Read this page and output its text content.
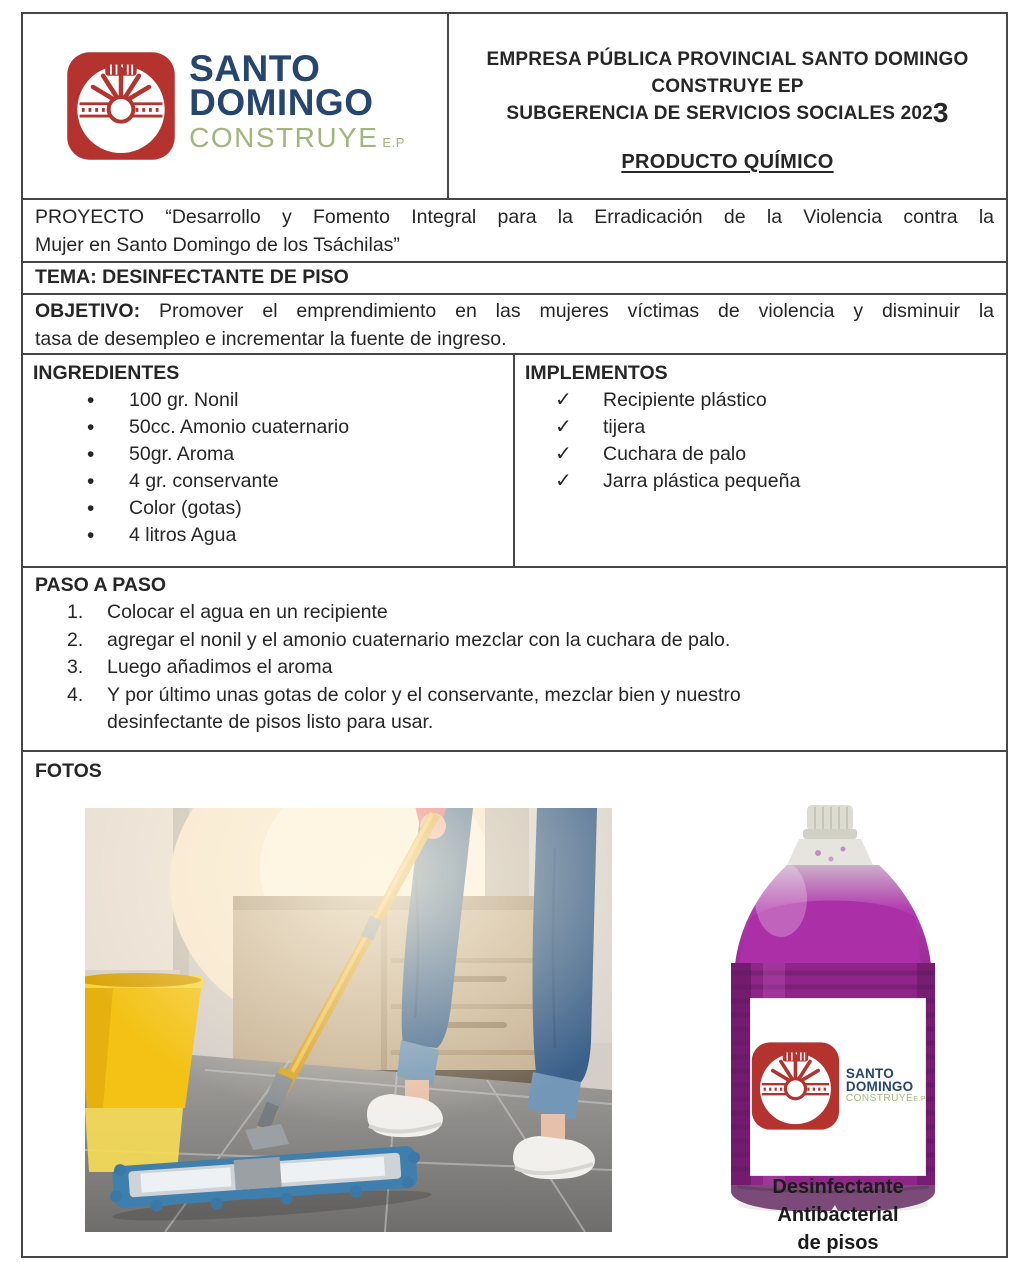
SANTO
DOMINGO
CONSTRUYE E.P
EMPRESA PÚBLICA PROVINCIAL SANTO DOMINGO
CONSTRUYE EP
SUBGERENCIA DE SERVICIOS SOCIALES 2023
PRODUCTO QUÍMICO
PROYECTO “Desarrollo y Fomento Integral para la Erradicación de la Violencia contra la
Mujer en Santo Domingo de los Tsáchilas”
TEMA: DESINFECTANTE DE PISO
OBJETIVO: Promover el emprendimiento en las mujeres víctimas de violencia y disminuir la
tasa de desempleo e incrementar la fuente de ingreso.
INGREDIENTES
•	100 gr. Nonil
•	50cc. Amonio cuaternario
•	50gr. Aroma
•	4 gr. conservante
•	Color (gotas)
•	4 litros Agua
IMPLEMENTOS
✓	Recipiente plástico
✓	tijera
✓	Cuchara de palo
✓	Jarra plástica pequeña
PASO A PASO
1.	Colocar el agua en un recipiente
2.	agregar el nonil y el amonio cuaternario mezclar con la cuchara de palo.
3.	Luego añadimos el aroma
4.	Y por último unas gotas de color y el conservante, mezclar bien y nuestro
desinfectante de pisos listo para usar.
FOTOS
SANTO
DOMINGO
CONSTRUYEE.P
Desinfectante
Antibacterial
de pisos
